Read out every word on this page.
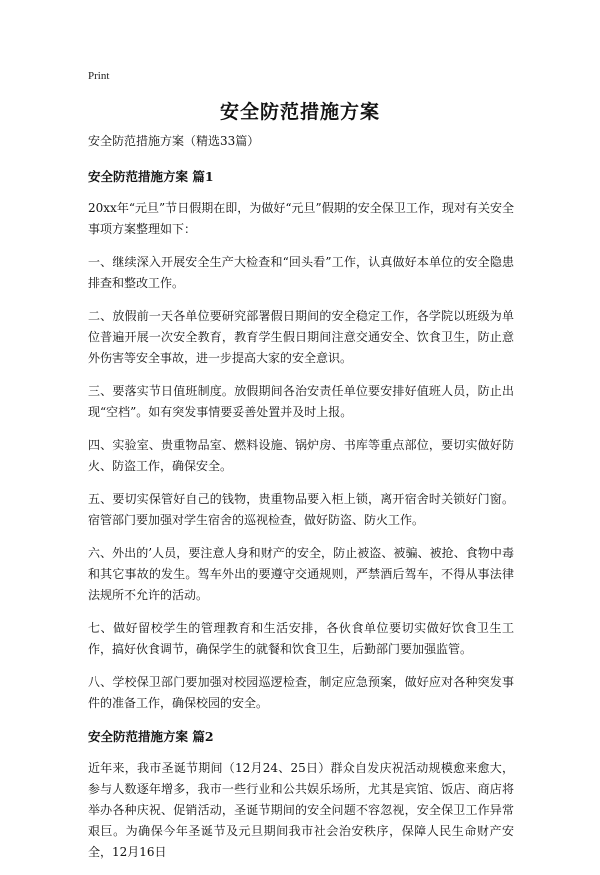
Print
安全防范措施方案

安全防范措施方案（精选33篇）

安全防范措施方案 篇1

20xx年“元旦”节日假期在即，为做好“元旦”假期的安全保卫工作，现对有关安全事项方案整理如下：

一、继续深入开展安全生产大检查和“回头看”工作，认真做好本单位的安全隐患排查和整改工作。

二、放假前一天各单位要研究部署假日期间的安全稳定工作，各学院以班级为单位普遍开展一次安全教育，教育学生假日期间注意交通安全、饮食卫生，防止意外伤害等安全事故，进一步提高大家的安全意识。

三、要落实节日值班制度。放假期间各治安责任单位要安排好值班人员，防止出现“空档”。如有突发事情要妥善处置并及时上报。

四、实验室、贵重物品室、燃料设施、锅炉房、书库等重点部位，要切实做好防火、防盗工作，确保安全。

五、要切实保管好自己的钱物，贵重物品要入柜上锁，离开宿舍时关锁好门窗。宿管部门要加强对学生宿舍的巡视检查，做好防盗、防火工作。

六、外出的’人员，要注意人身和财产的安全，防止被盗、被骗、被抢、食物中毒和其它事故的发生。驾车外出的要遵守交通规则，严禁酒后驾车，不得从事法律法规所不允许的活动。

七、做好留校学生的管理教育和生活安排，各伙食单位要切实做好饮食卫生工作，搞好伙食调节，确保学生的就餐和饮食卫生，后勤部门要加强监管。

八、学校保卫部门要加强对校园巡逻检查，制定应急预案，做好应对各种突发事件的准备工作，确保校园的安全。

安全防范措施方案 篇2

近年来，我市圣诞节期间（12月24、25日）群众自发庆祝活动规模愈来愈大，参与人数逐年增多，我市一些行业和公共娱乐场所，尤其是宾馆、饭店、商店将举办各种庆祝、促销活动，圣诞节期间的安全问题不容忽视，安全保卫工作异常艰巨。为确保今年圣诞节及元旦期间我市社会治安秩序，保障人民生命财产安全，12月16日
